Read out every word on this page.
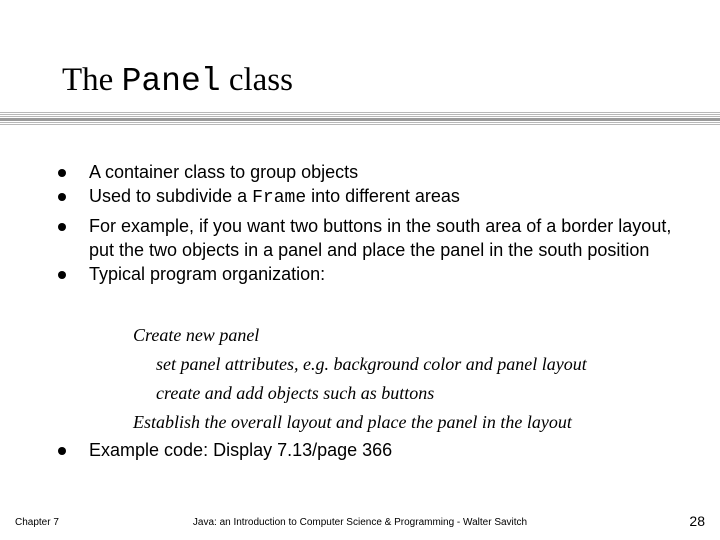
The Panel class
A container class to group objects
Used to subdivide a Frame into different areas
For example, if you want two buttons in the south area of a border layout, put the two objects in a panel and place the panel in the south position
Typical program organization:
Create new panel
set panel attributes, e.g. background color and panel layout
create and add objects such as buttons
Establish the overall layout and place the panel in the layout
Example code: Display 7.13/page 366
Chapter 7	Java: an Introduction to Computer Science & Programming - Walter Savitch	28
